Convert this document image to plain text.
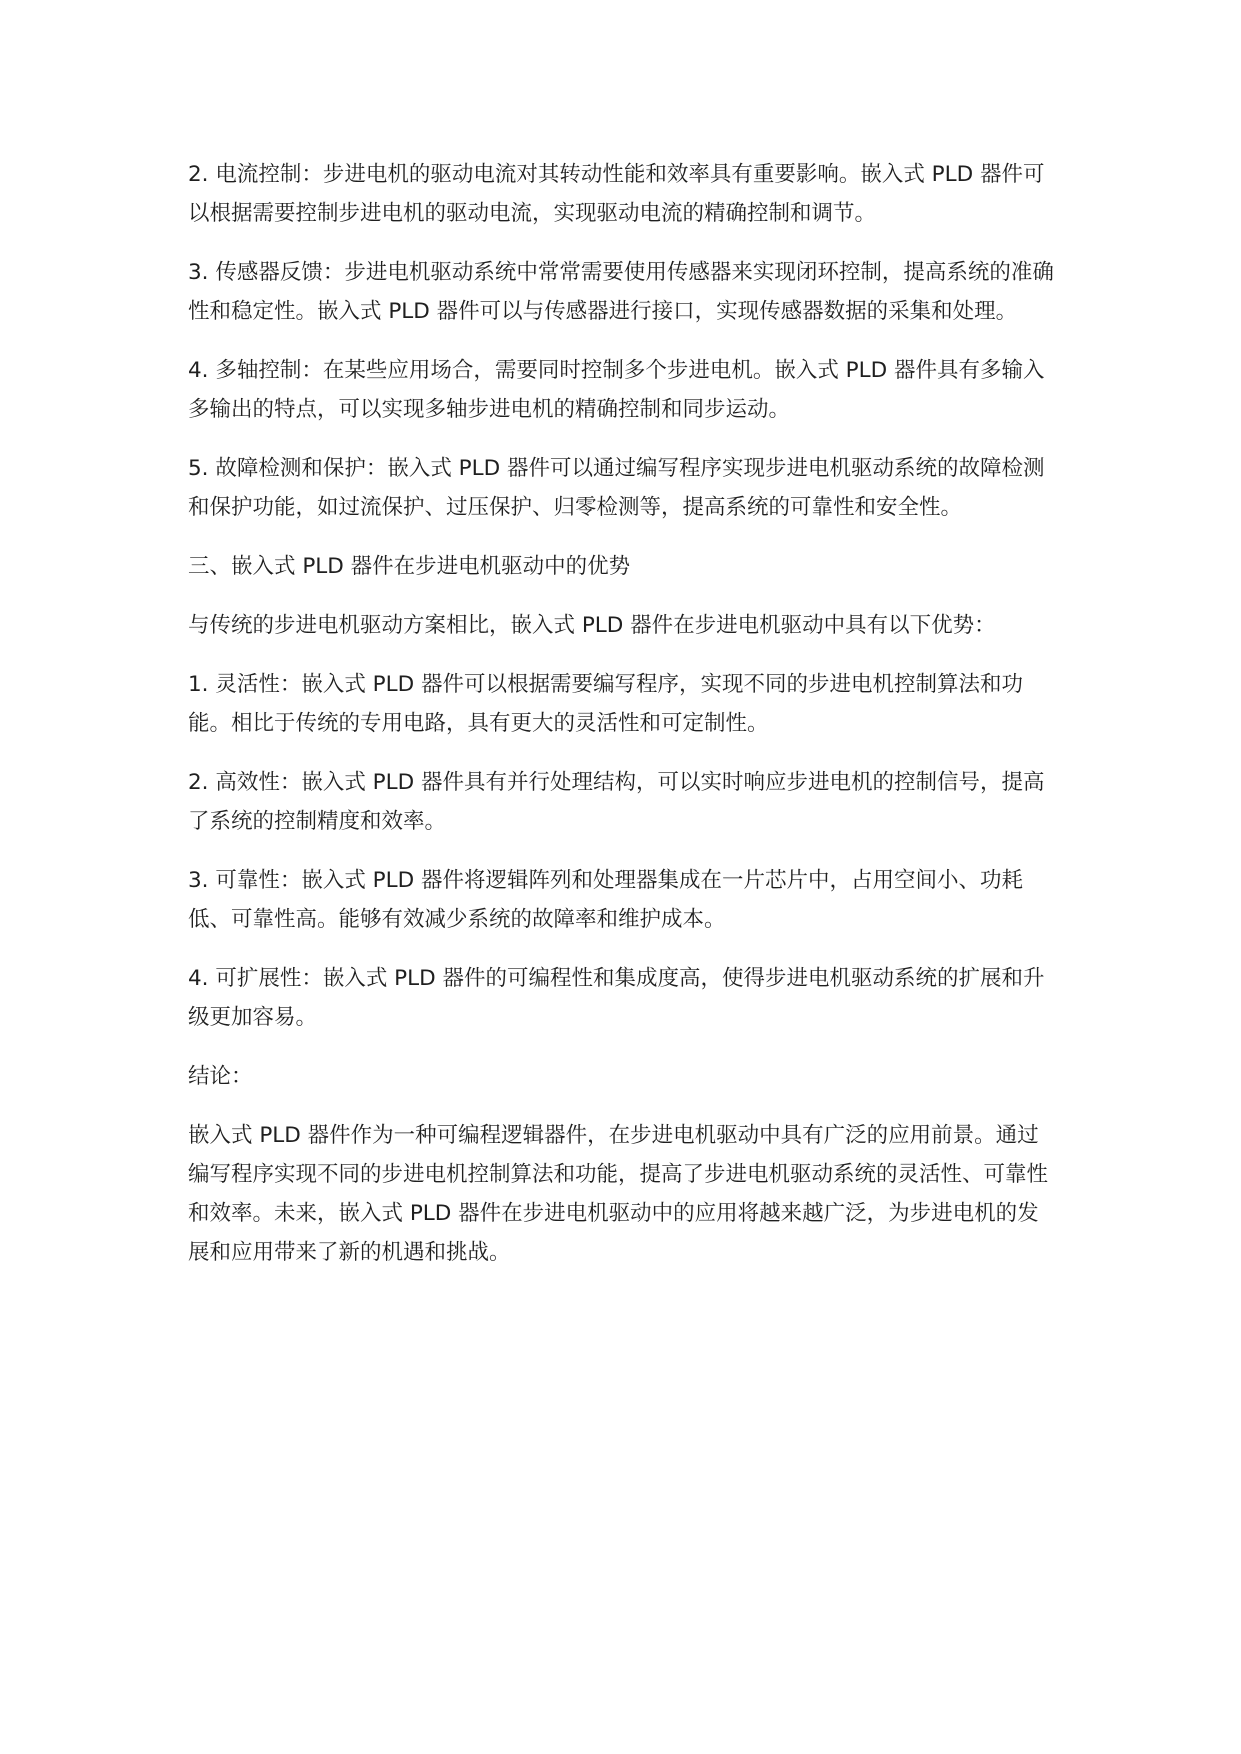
2. 电流控制：步进电机的驱动电流对其转动性能和效率具有重要影响。嵌入式 PLD 器件可以根据需要控制步进电机的驱动电流，实现驱动电流的精确控制和调节。

3. 传感器反馈：步进电机驱动系统中常常需要使用传感器来实现闭环控制，提高系统的准确性和稳定性。嵌入式 PLD 器件可以与传感器进行接口，实现传感器数据的采集和处理。

4. 多轴控制：在某些应用场合，需要同时控制多个步进电机。嵌入式 PLD 器件具有多输入多输出的特点，可以实现多轴步进电机的精确控制和同步运动。

5. 故障检测和保护：嵌入式 PLD 器件可以通过编写程序实现步进电机驱动系统的故障检测和保护功能，如过流保护、过压保护、归零检测等，提高系统的可靠性和安全性。

三、嵌入式 PLD 器件在步进电机驱动中的优势

与传统的步进电机驱动方案相比，嵌入式 PLD 器件在步进电机驱动中具有以下优势：

1. 灵活性：嵌入式 PLD 器件可以根据需要编写程序，实现不同的步进电机控制算法和功能。相比于传统的专用电路，具有更大的灵活性和可定制性。

2. 高效性：嵌入式 PLD 器件具有并行处理结构，可以实时响应步进电机的控制信号，提高了系统的控制精度和效率。

3. 可靠性：嵌入式 PLD 器件将逻辑阵列和处理器集成在一片芯片中，占用空间小、功耗低、可靠性高。能够有效减少系统的故障率和维护成本。

4. 可扩展性：嵌入式 PLD 器件的可编程性和集成度高，使得步进电机驱动系统的扩展和升级更加容易。

结论：

嵌入式 PLD 器件作为一种可编程逻辑器件，在步进电机驱动中具有广泛的应用前景。通过编写程序实现不同的步进电机控制算法和功能，提高了步进电机驱动系统的灵活性、可靠性和效率。未来，嵌入式 PLD 器件在步进电机驱动中的应用将越来越广泛，为步进电机的发展和应用带来了新的机遇和挑战。
